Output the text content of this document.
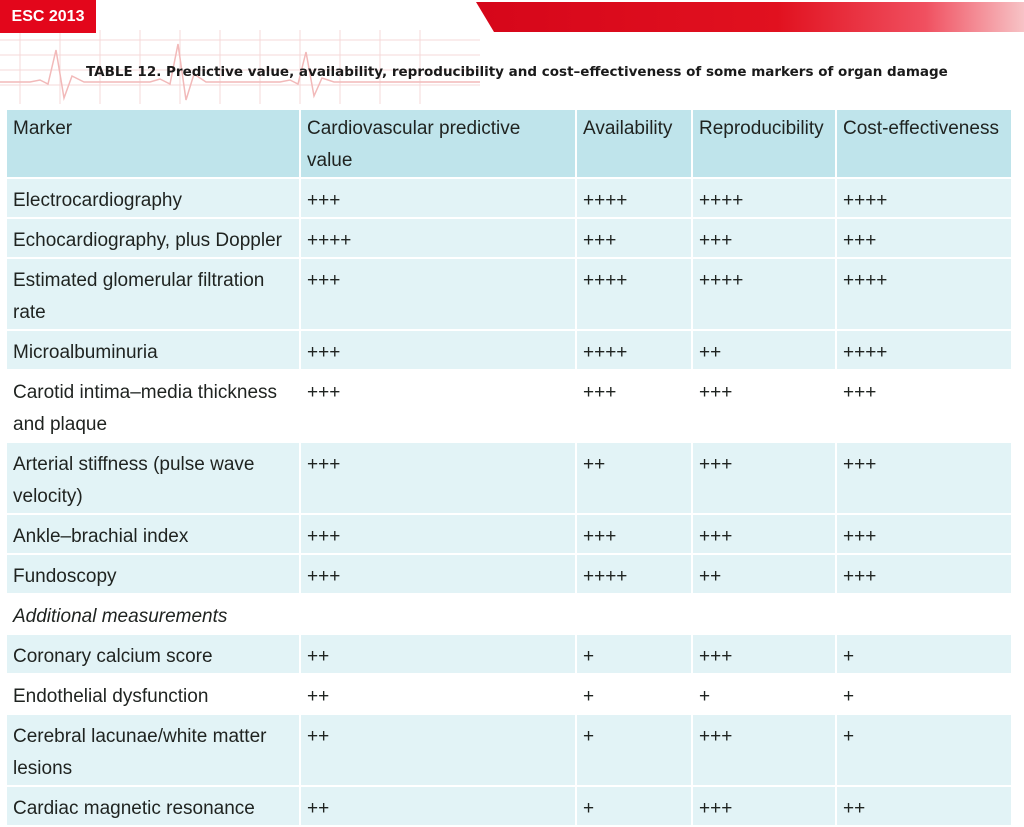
ESC 2013
TABLE 12. Predictive value, availability, reproducibility and cost–effectiveness of some markers of organ damage
Marker	Cardiovascular predictive value	Availability	Reproducibility	Cost-effectiveness
Electrocardiography	+++	++++	++++	++++
Echocardiography, plus Doppler	++++	+++	+++	+++
Estimated glomerular filtration rate	+++	++++	++++	++++
Microalbuminuria	+++	++++	++	++++
Carotid intima–media thickness and plaque	+++	+++	+++	+++
Arterial stiffness (pulse wave velocity)	+++	++	+++	+++
Ankle–brachial index	+++	+++	+++	+++
Fundoscopy	+++	++++	++	+++
Additional measurements				
Coronary calcium score	++	+	+++	+
Endothelial dysfunction	++	+	+	+
Cerebral lacunae/white matter lesions	++	+	+++	+
Cardiac magnetic resonance	++	+	+++	++
